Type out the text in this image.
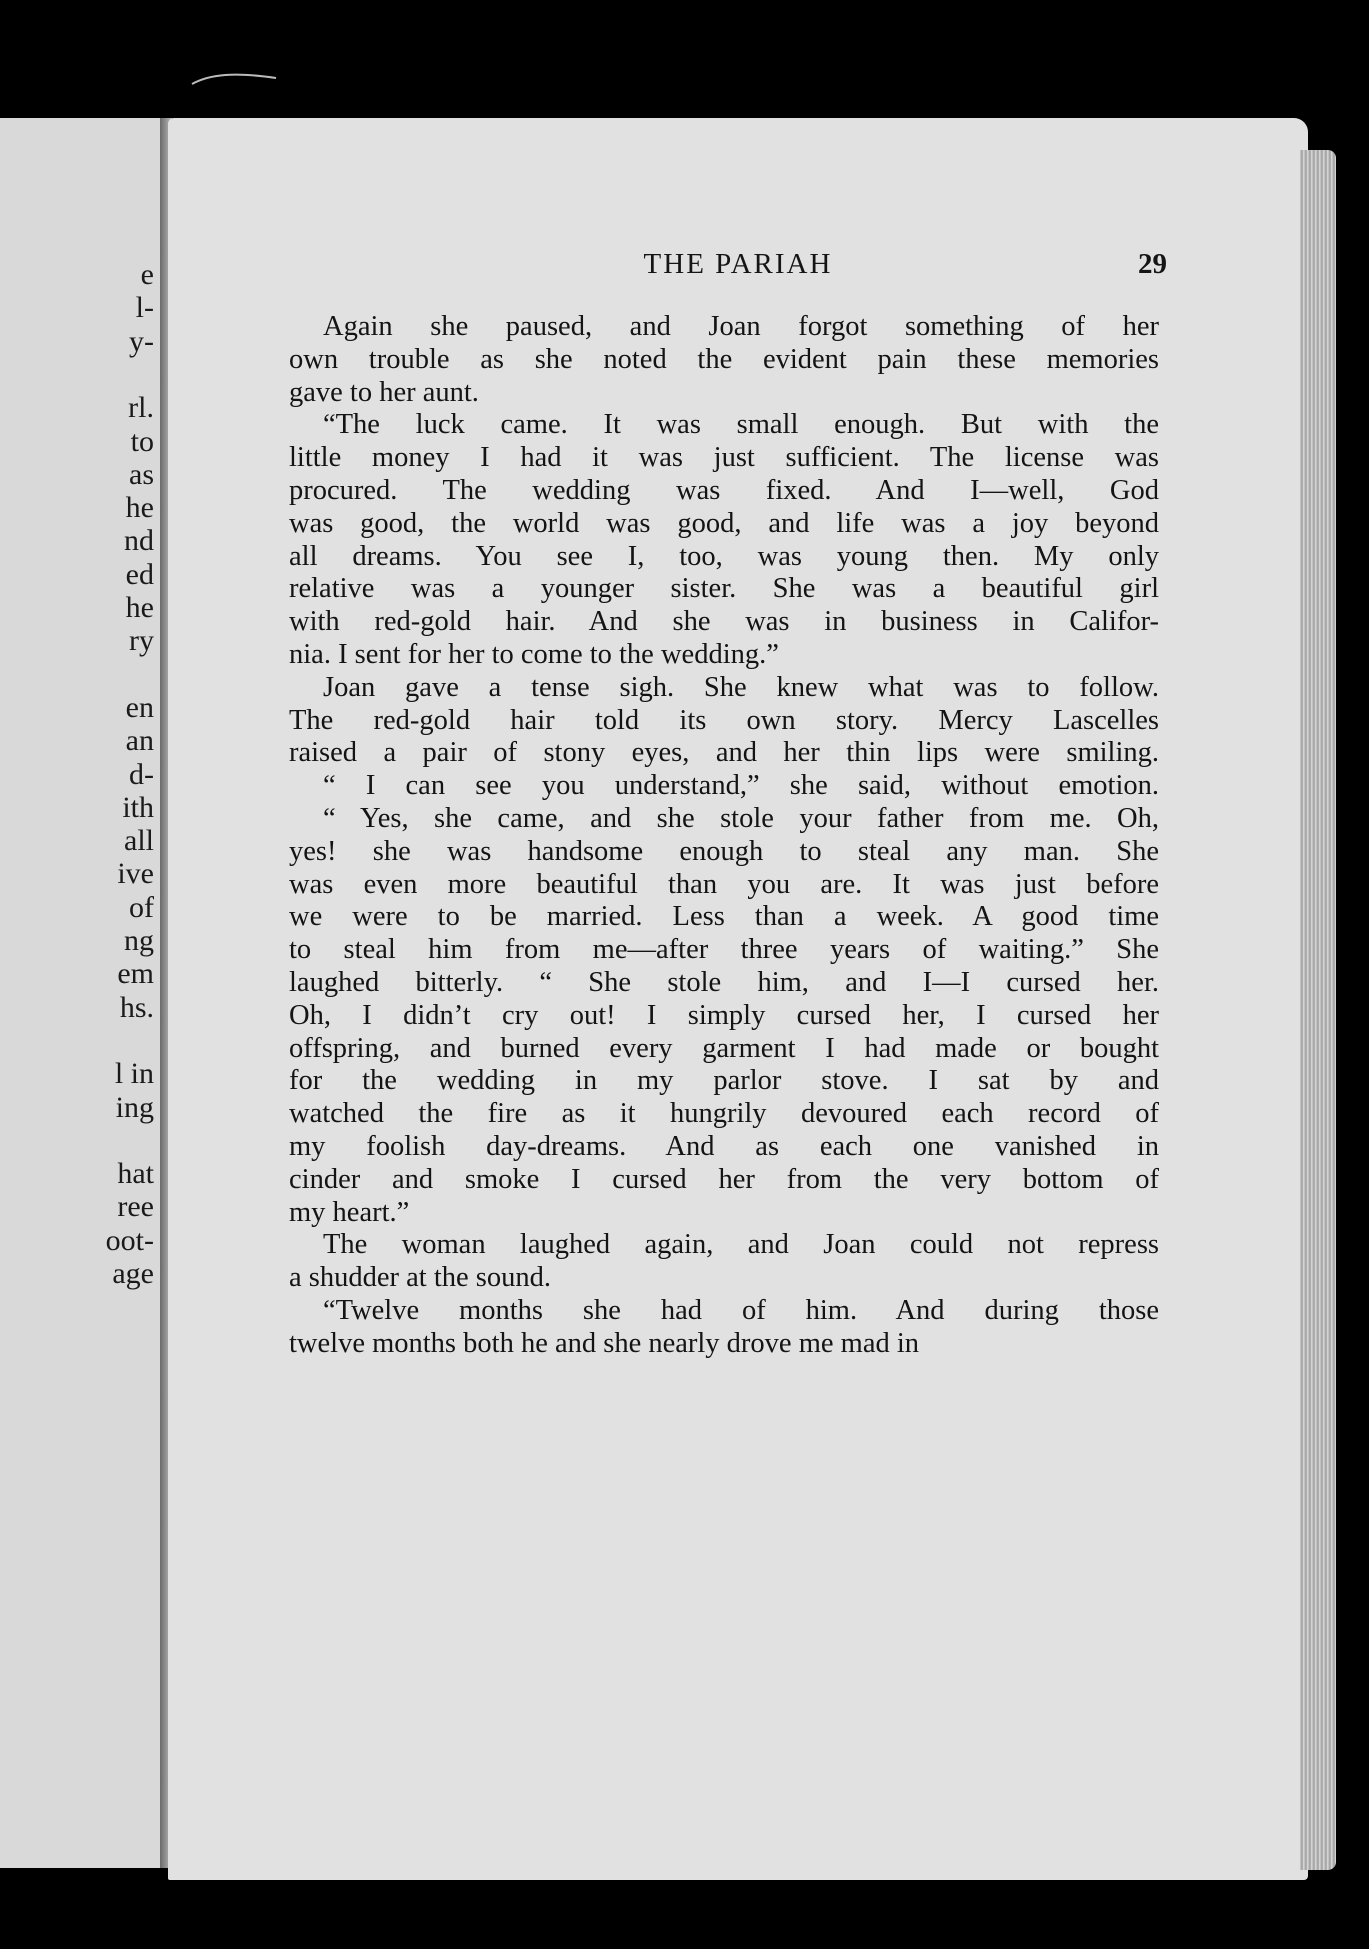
e
l-
y-
rl.
to
as
he
nd
ed
he
ry
en
an
d-
ith
all
ive
of
ng
em
hs.
l in
ing
hat
ree
oot-
age
THE PARIAH	29
Again she paused, and Joan forgot something of her
own trouble as she noted the evident pain these memories
gave to her aunt.
“The luck came. It was small enough. But with the
little money I had it was just sufficient. The license was
procured. The wedding was fixed. And I—well, God
was good, the world was good, and life was a joy beyond
all dreams. You see I, too, was young then. My only
relative was a younger sister. She was a beautiful girl
with red-gold hair. And she was in business in Califor-
nia. I sent for her to come to the wedding.”
Joan gave a tense sigh. She knew what was to follow.
The red-gold hair told its own story. Mercy Lascelles
raised a pair of stony eyes, and her thin lips were smiling.
“ I can see you understand,” she said, without emotion.
“ Yes, she came, and she stole your father from me. Oh,
yes! she was handsome enough to steal any man. She
was even more beautiful than you are. It was just before
we were to be married. Less than a week. A good time
to steal him from me—after three years of waiting.” She
laughed bitterly. “ She stole him, and I—I cursed her.
Oh, I didn’t cry out! I simply cursed her, I cursed her
offspring, and burned every garment I had made or bought
for the wedding in my parlor stove. I sat by and
watched the fire as it hungrily devoured each record of
my foolish day-dreams. And as each one vanished in
cinder and smoke I cursed her from the very bottom of
my heart.”
The woman laughed again, and Joan could not repress
a shudder at the sound.
“Twelve months she had of him. And during those
twelve months both he and she nearly drove me mad in
